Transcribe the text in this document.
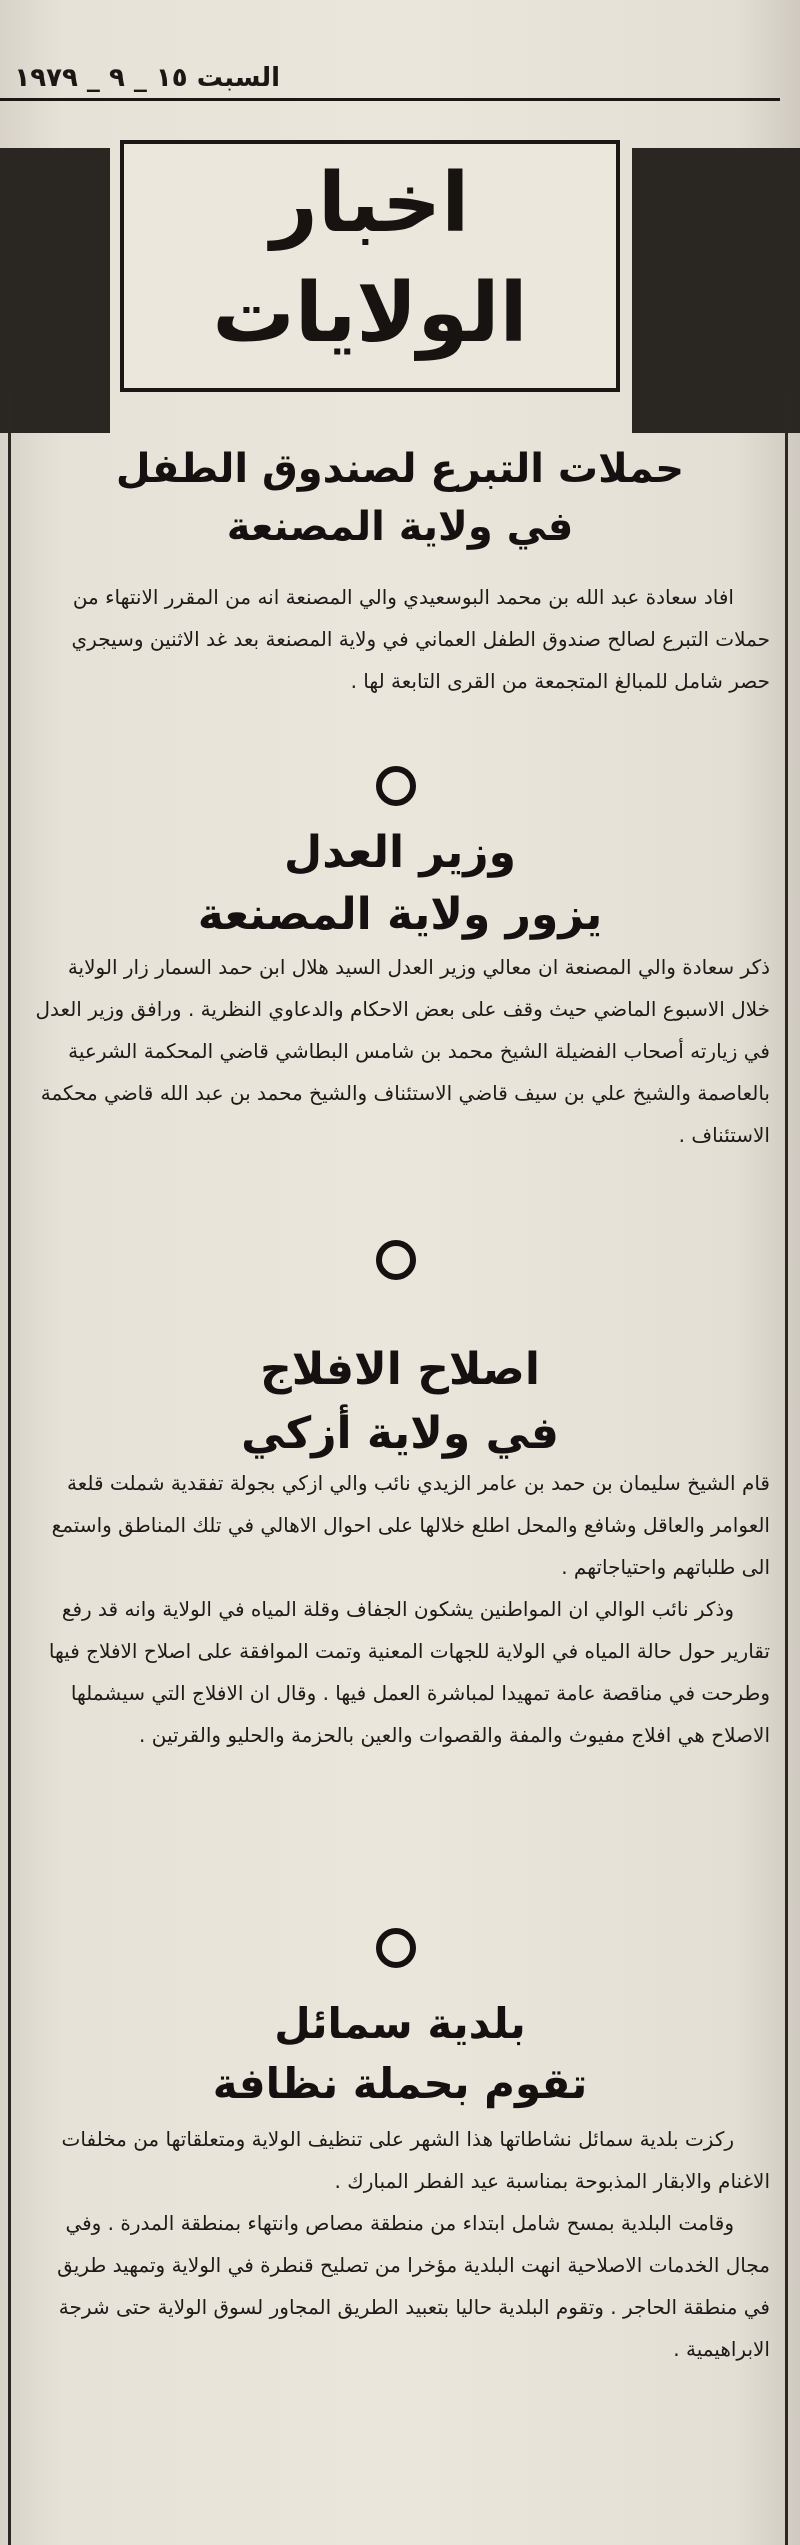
السبت ١٥ _ ٩ _ ١٩٧٩
اخبار
الولايات
حملات التبرع لصندوق الطفل
في ولاية المصنعة

افاد سعادة عبد الله بن محمد البوسعيدي والي المصنعة انه من المقرر الانتهاء من حملات التبرع لصالح صندوق الطفل العماني في ولاية المصنعة بعد غد الاثنين وسيجري حصر شامل للمبالغ المتجمعة من القرى التابعة لها .

وزير العدل
يزور ولاية المصنعة

ذكر سعادة والي المصنعة ان معالي وزير العدل السيد هلال ابن حمد السمار زار الولاية خلال الاسبوع الماضي حيث وقف على بعض الاحكام والدعاوي النظرية . ورافق وزير العدل في زيارته أصحاب الفضيلة الشيخ محمد بن شامس البطاشي قاضي المحكمة الشرعية بالعاصمة والشيخ علي بن سيف قاضي الاستئناف والشيخ محمد بن عبد الله قاضي محكمة الاستئناف .

اصلاح الافلاج
في ولاية أزكي

قام الشيخ سليمان بن حمد بن عامر الزيدي نائب والي ازكي بجولة تفقدية شملت قلعة العوامر والعاقل وشافع والمحل اطلع خلالها على احوال الاهالي في تلك المناطق واستمع الى طلباتهم واحتياجاتهم .

وذكر نائب الوالي ان المواطنين يشكون الجفاف وقلة المياه في الولاية وانه قد رفع تقارير حول حالة المياه في الولاية للجهات المعنية وتمت الموافقة على اصلاح الافلاج فيها وطرحت في مناقصة عامة تمهيدا لمباشرة العمل فيها . وقال ان الافلاج التي سيشملها الاصلاح هي افلاج مفيوث والمفة والقصوات والعين بالحزمة والحليو والقرتين .

بلدية سمائل
تقوم بحملة نظافة

ركزت بلدية سمائل نشاطاتها هذا الشهر على تنظيف الولاية ومتعلقاتها من مخلفات الاغنام والابقار المذبوحة بمناسبة عيد الفطر المبارك .

وقامت البلدية بمسح شامل ابتداء من منطقة مصاص وانتهاء بمنطقة المدرة . وفي مجال الخدمات الاصلاحية انهت البلدية مؤخرا من تصليح قنطرة في الولاية وتمهيد طريق في منطقة الحاجر . وتقوم البلدية حاليا بتعبيد الطريق المجاور لسوق الولاية حتى شرجة الابراهيمية .
